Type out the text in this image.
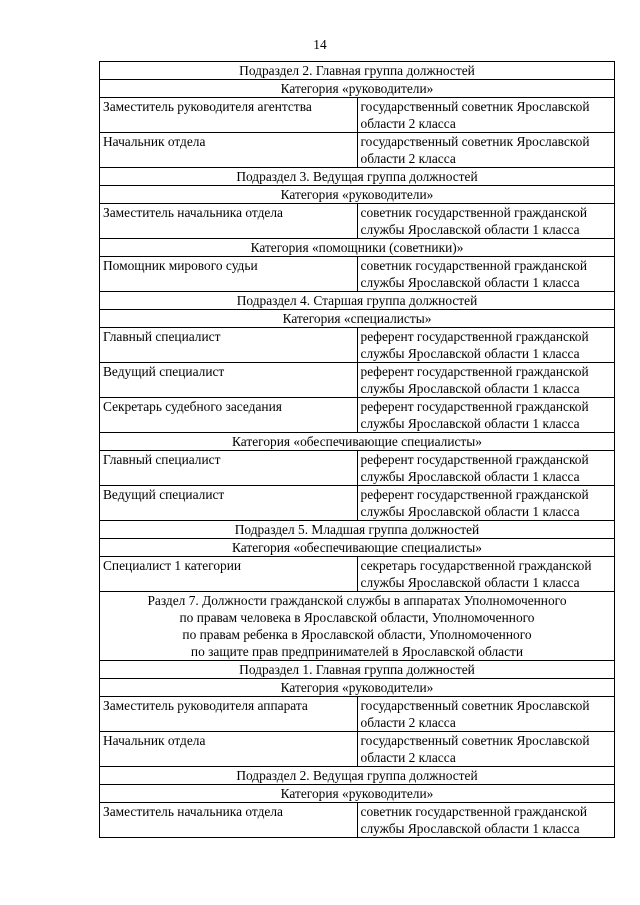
14
Подраздел 2. Главная группа должностей	
Категория «руководители»	
Заместитель руководителя агентства	государственный советник Ярославской области 2 класса
Начальник отдела	государственный советник Ярославской области 2 класса
Подраздел 3. Ведущая группа должностей	
Категория «руководители»	
Заместитель начальника отдела	советник государственной гражданской службы Ярославской области 1 класса
Категория «помощники (советники)»	
Помощник мирового судьи	советник государственной гражданской службы Ярославской области 1 класса
Подраздел 4. Старшая группа должностей	
Категория «специалисты»	
Главный специалист	референт государственной гражданской службы Ярославской области 1 класса
Ведущий специалист	референт государственной гражданской службы Ярославской области 1 класса
Секретарь судебного заседания	референт государственной гражданской службы Ярославской области 1 класса
Категория «обеспечивающие специалисты»	
Главный специалист	референт государственной гражданской службы Ярославской области 1 класса
Ведущий специалист	референт государственной гражданской службы Ярославской области 1 класса
Подраздел 5. Младшая группа должностей	
Категория «обеспечивающие специалисты»	
Специалист 1 категории	секретарь государственной гражданской службы Ярославской области 1 класса

Раздел 7. Должности гражданской службы в аппаратах Уполномоченного
по правам человека в Ярославской области, Уполномоченного
по правам ребенка в Ярославской области, Уполномоченного
по защите прав предпринимателей в Ярославской области	

Подраздел 1. Главная группа должностей	
Категория «руководители»	
Заместитель руководителя аппарата	государственный советник Ярославской области 2 класса
Начальник отдела	государственный советник Ярославской области 2 класса
Подраздел 2. Ведущая группа должностей	
Категория «руководители»	
Заместитель начальника отдела	советник государственной гражданской службы Ярославской области 1 класса
